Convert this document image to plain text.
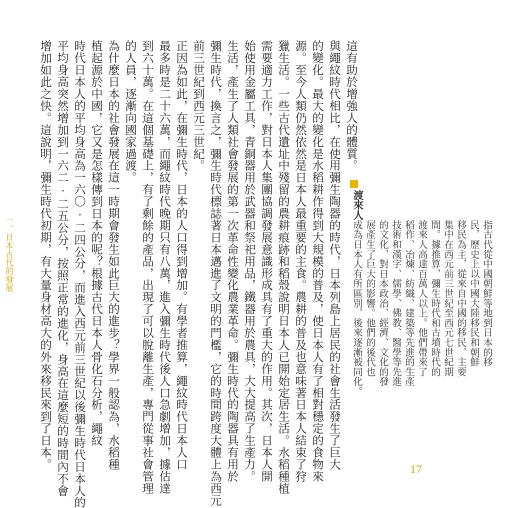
一、日本古代的發展
這有助於增強人的體質。
與繩紋時代相比，在使用彌生陶器的時代，日本列島上居民的社會生活發生了巨大
的變化。最大的變化是水稻耕作得到大規模的普及，使日本人有了相對穩定的食物來
源。至今人類仍然依然是日本人最重要的主食。農耕的普及也意味著日本人結束了狩
獵生活。一些古代遺址中殘留的農耕痕跡和稻殼說明日本人已開始定居生活。水稻種植
需要適力工作，對日本人集團協調發展意識形成具有了重大的作用。其次，日本人開
始使用金屬工具，青銅器用於武器和祭祀用品，鐵器用於農具，大大提高了生產力。
生活，產生了人類社會發展的第一次革命性變化農業革命。彌生時代的陶器具有用於
彌生時代，換言之，彌生時代標誌著日本邁進了文明的門檻，它的時間跨度大體上為西元
前三世紀到西元三世紀。
正因為如此，在彌生時代，日本的人口得到增加。有學者推算，繩紋時代日本人口
最多時是二十六萬，而繩紋時代晚期只有八萬，進入彌生時代後人口急劇增加，據估達
到六十萬。在這個基礎上，有了剩餘的產品，出現了可以脫離生產，專門從事社會管理
的人員，逐漸向國家過渡。
為什麼日本的社會發展在這一時期會發生如此巨大的進步？學界一般認為，水稻種
植起源於中國，它又是怎樣傳到日本的呢？根據古代日本人骨化石分析，繩紋
時代日本人的平均身高為一六〇·二四公分，而進入西元前三世紀以後彌生時代日本人的
平均身高突然增加到一六二·二五公分，按照正常的進化，身高在這麼短的時間內不會
增加如此之快。這說明，彌生時代初期，有大量身材高大的外來移民來到了日本。	渡來人
指古代從中國朝鮮等地到日本的移
民，歷史上以中國大陸移民和朝鮮
移民為主，從來自中國的移民，主要
集中在西元前三世紀至西元七世紀期
間。據推算，彌生時代和古墳時代的
渡來人高達百萬人以上。他們帶來了
稻作、冶煉、紡織、建築等先進的生產
技術和漢字、儒學、佛教、醫學等先進
的文化，對日本政治、經濟、文化的發
展產生了巨大的影響。他們的後代也
成為日本人有所區別，後來逐漸被同化。
17
